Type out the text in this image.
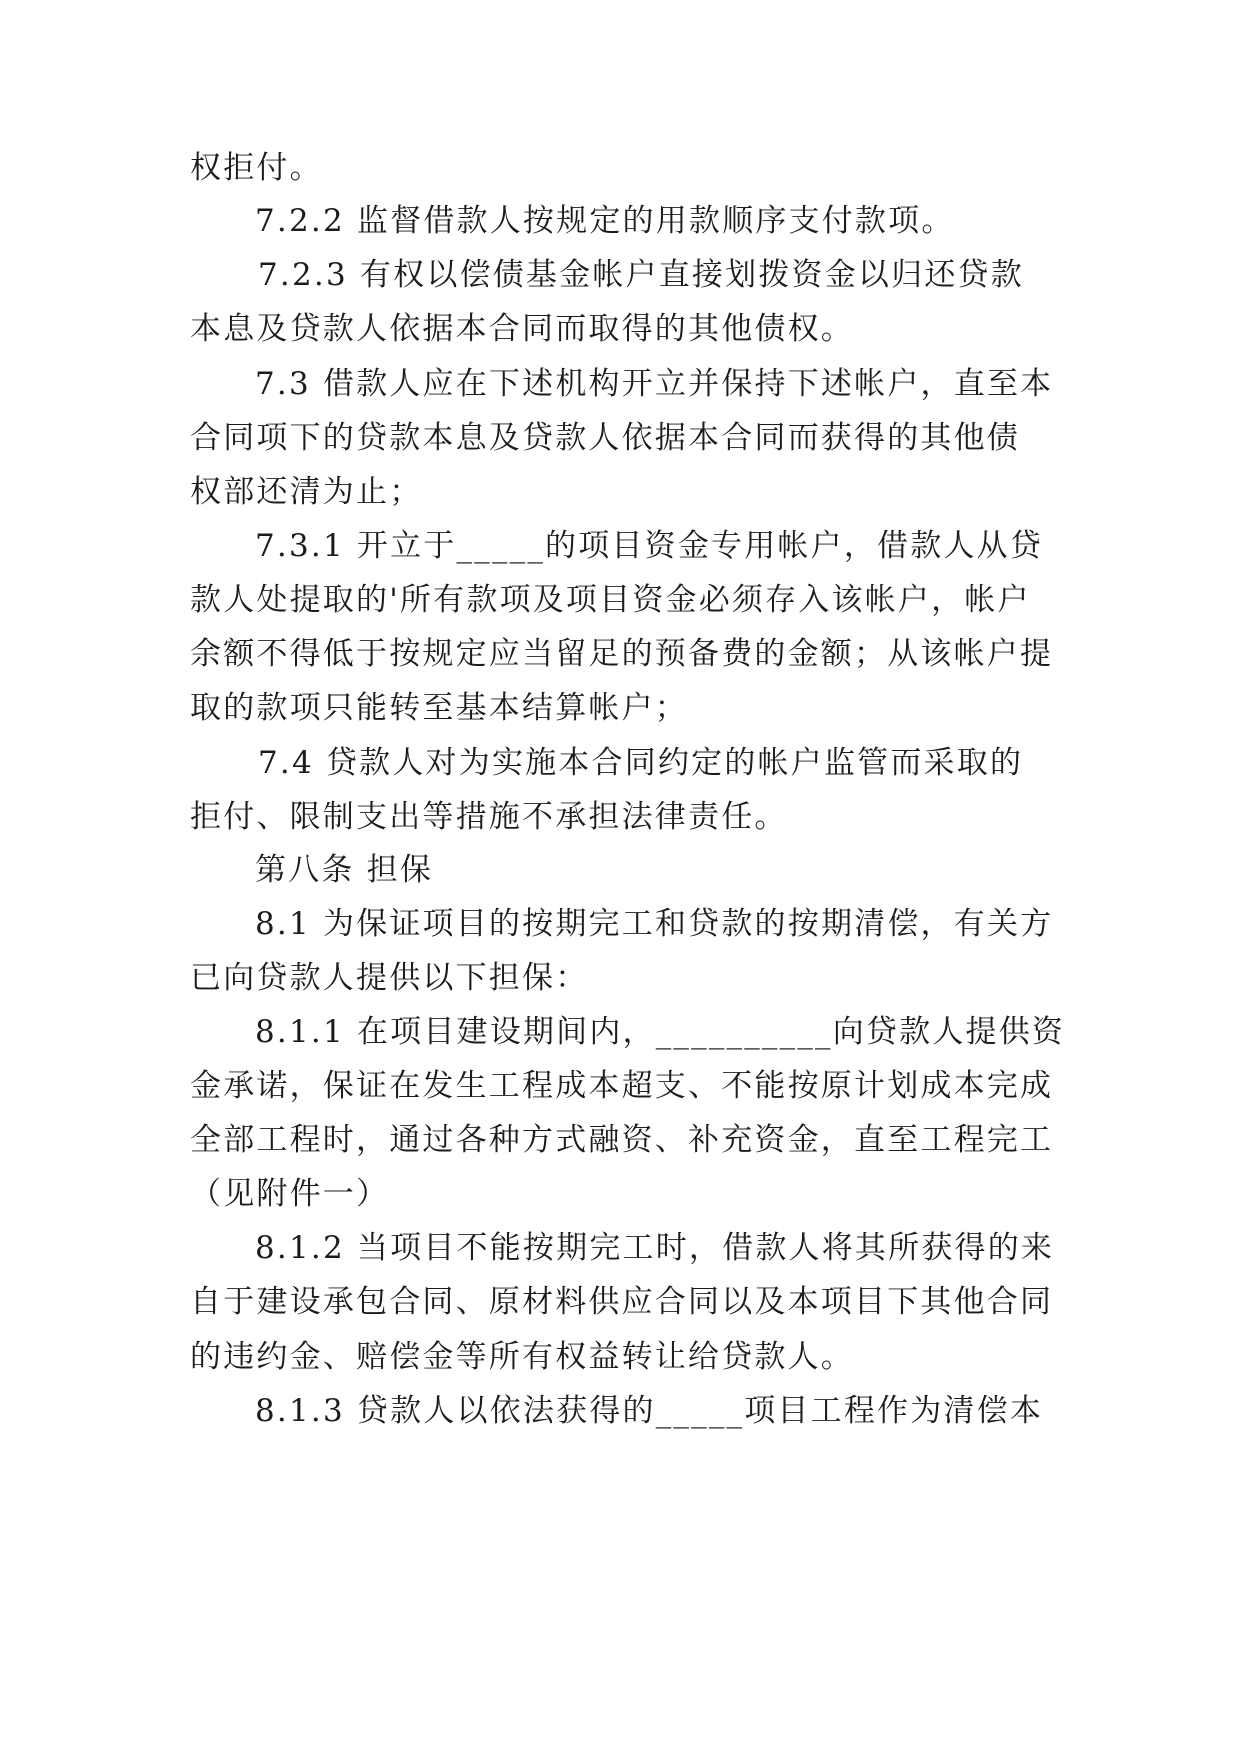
权拒付。
7.2.2 监督借款人按规定的用款顺序支付款项。
7.2.3 有权以偿债基金帐户直接划拨资金以归还贷款
本息及贷款人依据本合同而取得的其他债权。
7.3 借款人应在下述机构开立并保持下述帐户，直至本
合同项下的贷款本息及贷款人依据本合同而获得的其他债
权部还清为止；
7.3.1 开立于_____的项目资金专用帐户，借款人从贷
款人处提取的'所有款项及项目资金必须存入该帐户，帐户
余额不得低于按规定应当留足的预备费的金额；从该帐户提
取的款项只能转至基本结算帐户；
7.4 贷款人对为实施本合同约定的帐户监管而采取的
拒付、限制支出等措施不承担法律责任。
第八条 担保
8.1 为保证项目的按期完工和贷款的按期清偿，有关方
已向贷款人提供以下担保：
8.1.1 在项目建设期间内，__________向贷款人提供资
金承诺，保证在发生工程成本超支、不能按原计划成本完成
全部工程时，通过各种方式融资、补充资金，直至工程完工
（见附件一）
8.1.2 当项目不能按期完工时，借款人将其所获得的来
自于建设承包合同、原材料供应合同以及本项目下其他合同
的违约金、赔偿金等所有权益转让给贷款人。
8.1.3 贷款人以依法获得的_____项目工程作为清偿本
